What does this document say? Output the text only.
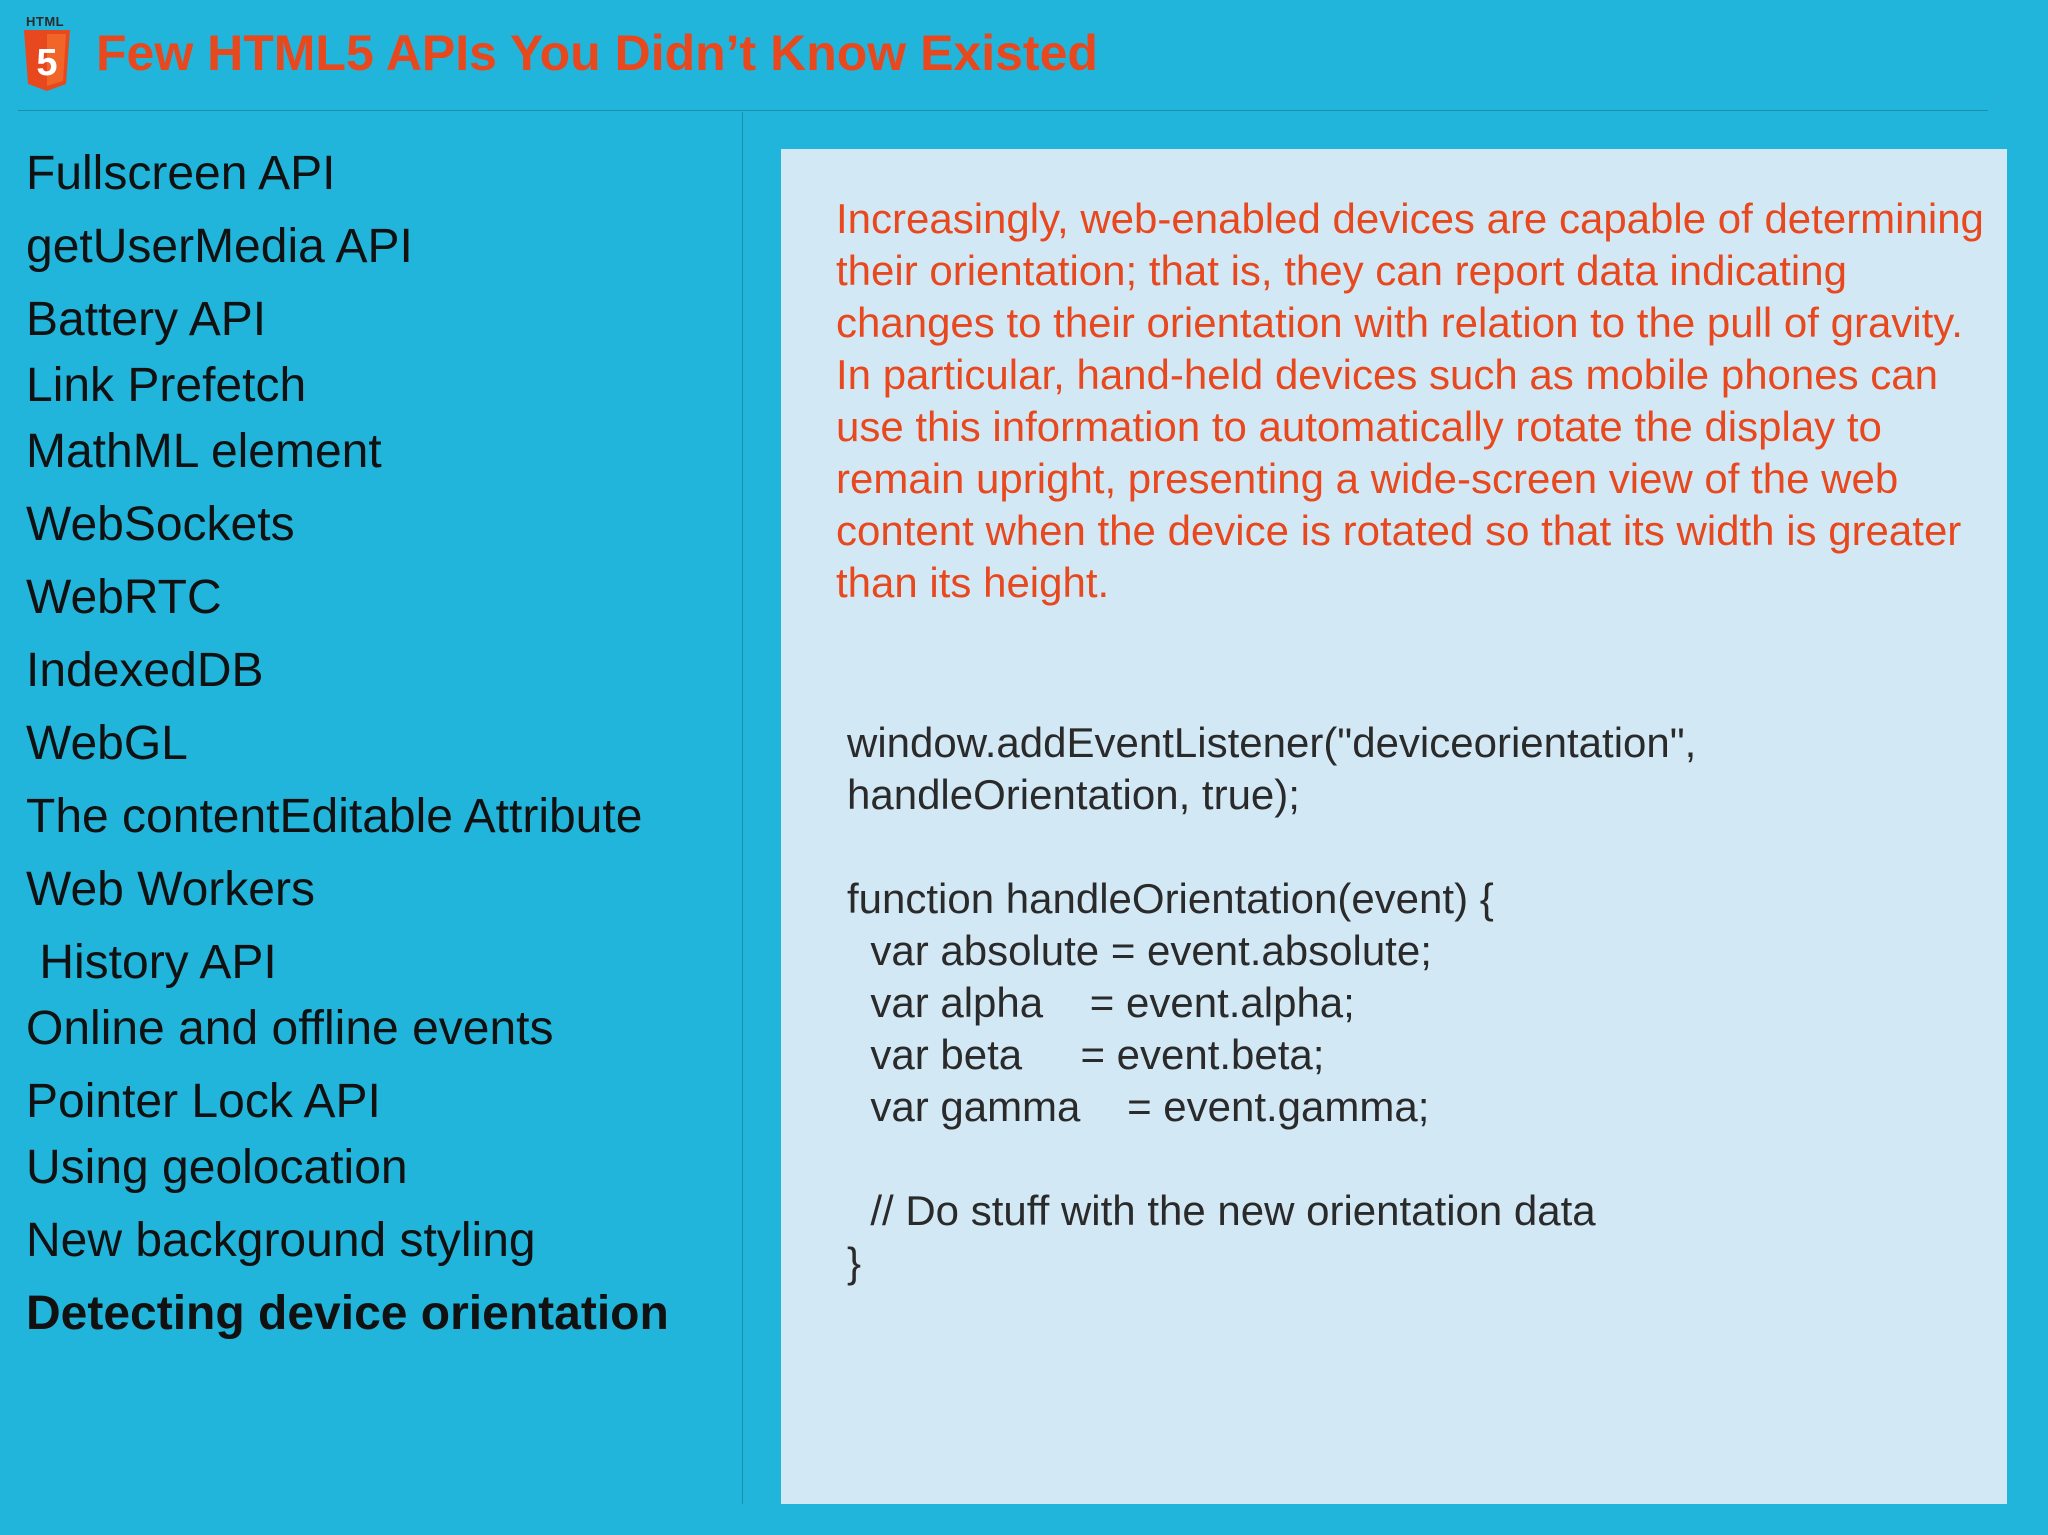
HTML
5 Few HTML5 APIs You Didn’t Know Existed
Fullscreen API
getUserMedia API
Battery API
Link Prefetch
MathML element
WebSockets
WebRTC
IndexedDB
WebGL
The contentEditable Attribute
Web Workers
History API
Online and offline events
Pointer Lock API
Using geolocation
New background styling
Detecting device orientation
Increasingly, web-enabled devices are capable of determining their orientation; that is, they can report data indicating changes to their orientation with relation to the pull of gravity. In particular, hand-held devices such as mobile phones can use this information to automatically rotate the display to remain upright, presenting a wide-screen view of the web content when the device is rotated so that its width is greater than its height.
window.addEventListener("deviceorientation",
handleOrientation, true);

function handleOrientation(event) {
var absolute = event.absolute;
var alpha    = event.alpha;
var beta     = event.beta;
var gamma    = event.gamma;

// Do stuff with the new orientation data
}
